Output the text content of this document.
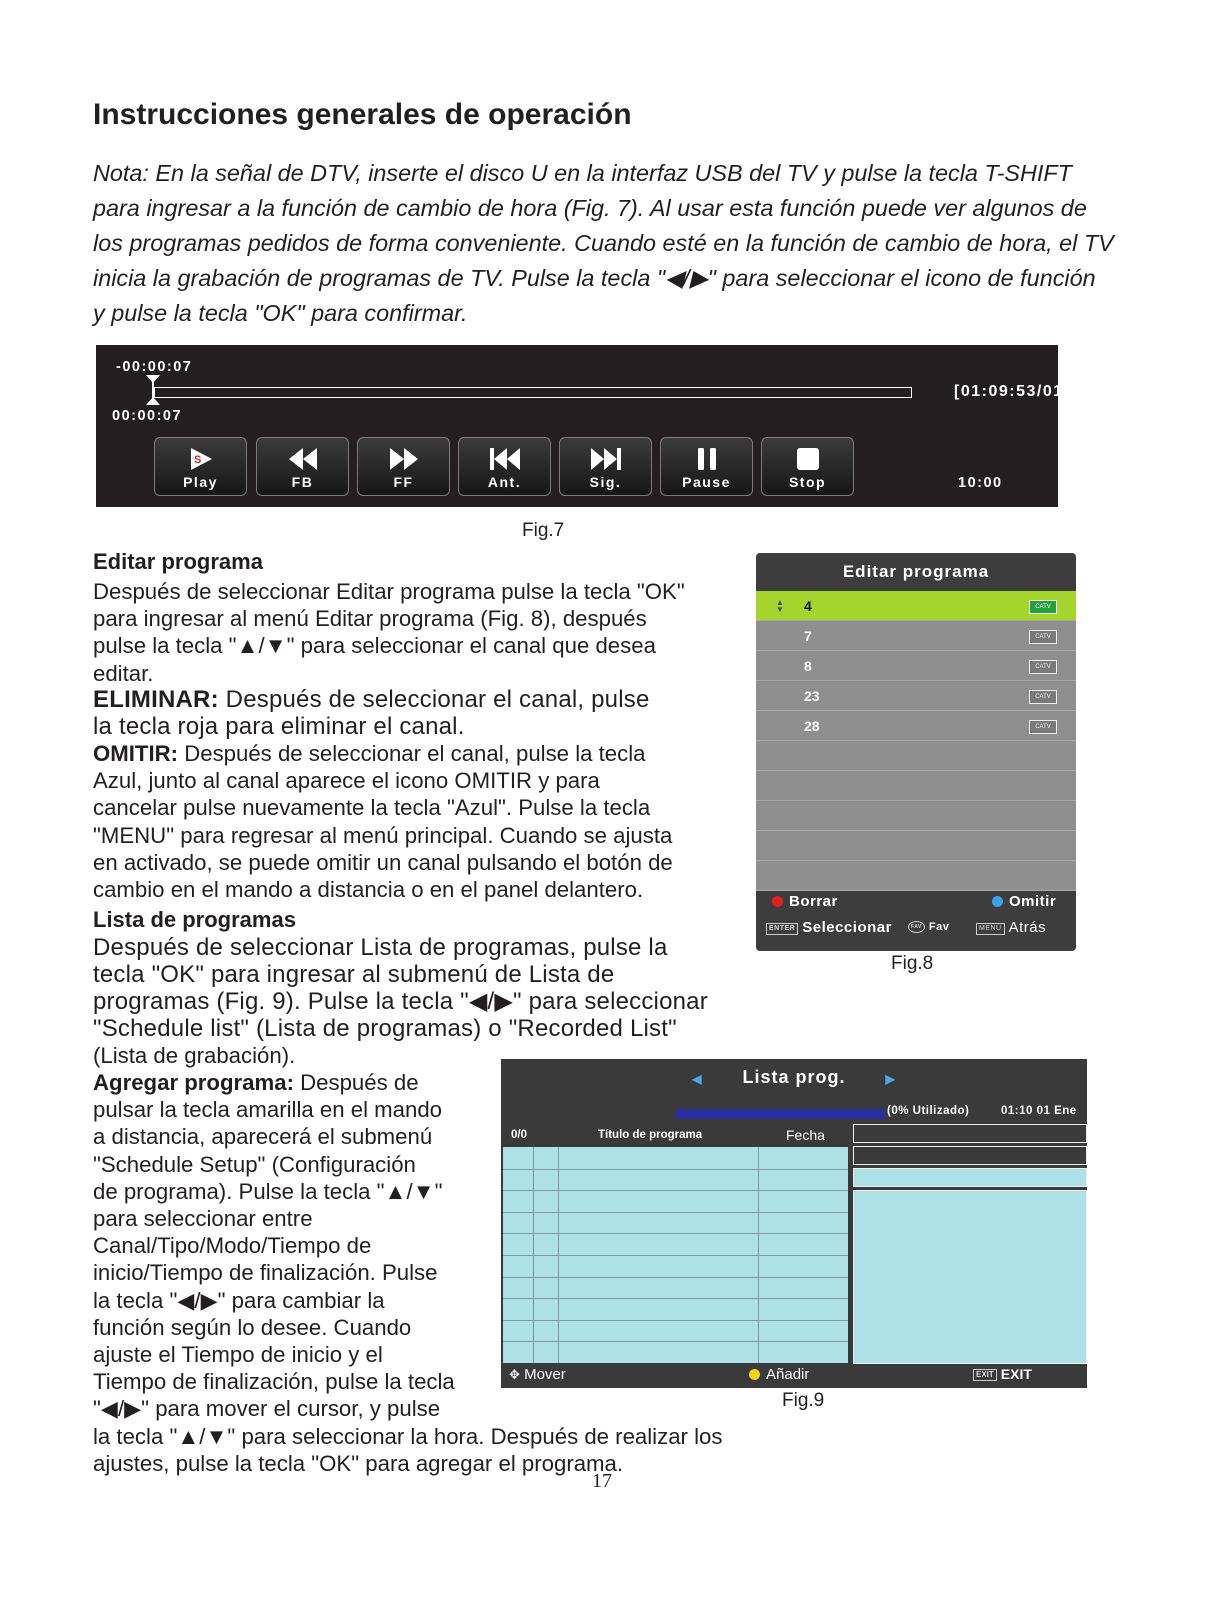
Instrucciones generales de operación
Nota: En la señal de DTV, inserte el disco U en la interfaz USB del TV y pulse la tecla T-SHIFT
para ingresar a la función de cambio de hora (Fig. 7). Al usar esta función puede ver algunos de
los programas pedidos de forma conveniente. Cuando esté en la función de cambio de hora, el TV
inicia la grabación de programas de TV. Pulse la tecla "◀/▶" para seleccionar el icono de función
y pulse la tecla "OK" para confirmar.
-00:00:07
[01:09:53/01:10:00]
00:00:07
S
Play	FB	FF	Ant.	Sig.	Pause	Stop	10:00
Fig.7
Editar programa
Después de seleccionar Editar programa pulse la tecla "OK"
para ingresar al menú Editar programa (Fig. 8), después
pulse la tecla "▲/▼" para seleccionar el canal que desea
editar.
ELIMINAR: Después de seleccionar el canal, pulse
la tecla roja para eliminar el canal.
OMITIR: Después de seleccionar el canal, pulse la tecla
Azul, junto al canal aparece el icono OMITIR y para
cancelar pulse nuevamente la tecla "Azul". Pulse la tecla
"MENU" para regresar al menú principal. Cuando se ajusta
en activado, se puede omitir un canal pulsando el botón de
cambio en el mando a distancia o en el panel delantero.
Editar programa
▲
▼ 4	CATV
7	CATV
8	CATV
23	CATV
28	CATV
Borrar	Omitir
ENTER Seleccionar	FAV Fav	MENU Atrás
Fig.8
Lista de programas
Después de seleccionar Lista de programas, pulse la
tecla "OK" para ingresar al submenú de Lista de
programas (Fig. 9). Pulse la tecla "◀/▶" para seleccionar
"Schedule list" (Lista de programas) o "Recorded List"
(Lista de grabación).
Agregar programa: Después de
pulsar la tecla amarilla en el mando
a distancia, aparecerá el submenú
"Schedule Setup" (Configuración
de programa). Pulse la tecla "▲/▼"
para seleccionar entre
Canal/Tipo/Modo/Tiempo de
inicio/Tiempo de finalización. Pulse
la tecla "◀/▶" para cambiar la
función según lo desee. Cuando
ajuste el Tiempo de inicio y el
Tiempo de finalización, pulse la tecla
"◀/▶" para mover el cursor, y pulse
la tecla "▲/▼" para seleccionar la hora. Después de realizar los
ajustes, pulse la tecla "OK" para agregar el programa.
◀ Lista prog.	▶
(0% Utilizado)	01:10 01 Ene
0/0	Título de programa	Fecha
✥ Mover	Añadir	EXIT EXIT
Fig.9
17
